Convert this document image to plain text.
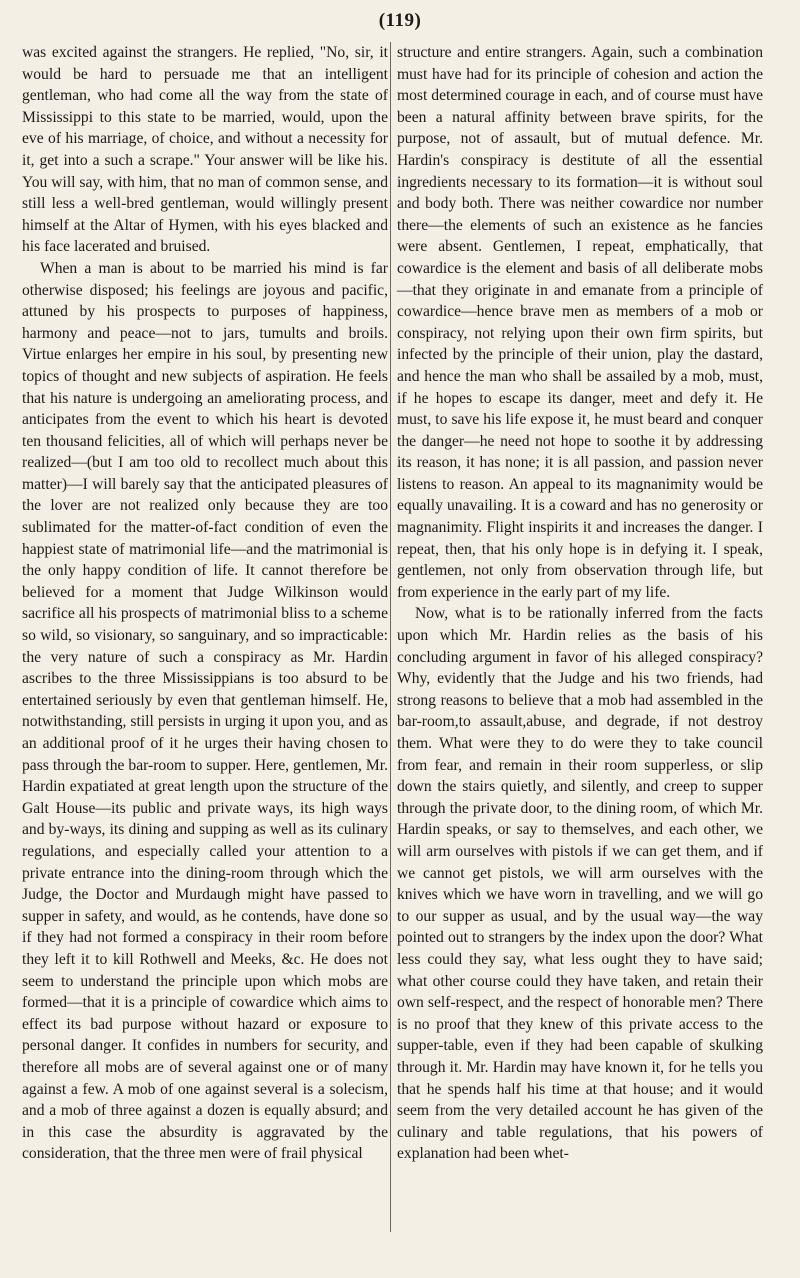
(119)

was excited against the strangers. He replied, "No, sir, it would be hard to persuade me that an intelligent gentleman, who had come all the way from the state of Mississippi to this state to be married, would, upon the eve of his marriage, of choice, and without a necessity for it, get into a such a scrape." Your answer will be like his. You will say, with him, that no man of common sense, and still less a well-bred gentleman, would willingly present himself at the Altar of Hymen, with his eyes blacked and his face lacerated and bruised.

When a man is about to be married his mind is far otherwise disposed; his feelings are joyous and pacific, attuned by his prospects to purposes of happiness, harmony and peace—not to jars, tumults and broils. Virtue enlarges her empire in his soul, by presenting new topics of thought and new subjects of aspiration. He feels that his nature is undergoing an ameliorating process, and anticipates from the event to which his heart is devoted ten thousand felicities, all of which will perhaps never be realized—(but I am too old to recollect much about this matter)—I will barely say that the anticipated pleasures of the lover are not realized only because they are too sublimated for the matter-of-fact condition of even the happiest state of matrimonial life—and the matrimonial is the only happy condition of life. It cannot therefore be believed for a moment that Judge Wilkinson would sacrifice all his prospects of matrimonial bliss to a scheme so wild, so visionary, so sanguinary, and so impracticable: the very nature of such a conspiracy as Mr. Hardin ascribes to the three Mississippians is too absurd to be entertained seriously by even that gentleman himself. He, notwithstanding, still persists in urging it upon you, and as an additional proof of it he urges their having chosen to pass through the bar-room to supper. Here, gentlemen, Mr. Hardin expatiated at great length upon the structure of the Galt House—its public and private ways, its high ways and by-ways, its dining and supping as well as its culinary regulations, and especially called your attention to a private entrance into the dining-room through which the Judge, the Doctor and Murdaugh might have passed to supper in safety, and would, as he contends, have done so if they had not formed a conspiracy in their room before they left it to kill Rothwell and Meeks, &c. He does not seem to understand the principle upon which mobs are formed—that it is a principle of cowardice which aims to effect its bad purpose without hazard or exposure to personal danger. It confides in numbers for security, and therefore all mobs are of several against one or of many against a few. A mob of one against several is a solecism, and a mob of three against a dozen is equally absurd; and in this case the absurdity is aggravated by the consideration, that the three men were of frail physical

structure and entire strangers. Again, such a combination must have had for its principle of cohesion and action the most determined courage in each, and of course must have been a natural affinity between brave spirits, for the purpose, not of assault, but of mutual defence. Mr. Hardin's conspiracy is destitute of all the essential ingredients necessary to its formation—it is without soul and body both. There was neither cowardice nor number there—the elements of such an existence as he fancies were absent. Gentlemen, I repeat, emphatically, that cowardice is the element and basis of all deliberate mobs—that they originate in and emanate from a principle of cowardice—hence brave men as members of a mob or conspiracy, not relying upon their own firm spirits, but infected by the principle of their union, play the dastard, and hence the man who shall be assailed by a mob, must, if he hopes to escape its danger, meet and defy it. He must, to save his life expose it, he must beard and conquer the danger—he need not hope to soothe it by addressing its reason, it has none; it is all passion, and passion never listens to reason. An appeal to its magnanimity would be equally unavailing. It is a coward and has no generosity or magnanimity. Flight inspirits it and increases the danger. I repeat, then, that his only hope is in defying it. I speak, gentlemen, not only from observation through life, but from experience in the early part of my life.

Now, what is to be rationally inferred from the facts upon which Mr. Hardin relies as the basis of his concluding argument in favor of his alleged conspiracy? Why, evidently that the Judge and his two friends, had strong reasons to believe that a mob had assembled in the bar-room,to assault,abuse, and degrade, if not destroy them. What were they to do were they to take council from fear, and remain in their room supperless, or slip down the stairs quietly, and silently, and creep to supper through the private door, to the dining room, of which Mr. Hardin speaks, or say to themselves, and each other, we will arm ourselves with pistols if we can get them, and if we cannot get pistols, we will arm ourselves with the knives which we have worn in travelling, and we will go to our supper as usual, and by the usual way—the way pointed out to strangers by the index upon the door? What less could they say, what less ought they to have said; what other course could they have taken, and retain their own self-respect, and the respect of honorable men? There is no proof that they knew of this private access to the supper-table, even if they had been capable of skulking through it. Mr. Hardin may have known it, for he tells you that he spends half his time at that house; and it would seem from the very detailed account he has given of the culinary and table regulations, that his powers of explanation had been whet-
